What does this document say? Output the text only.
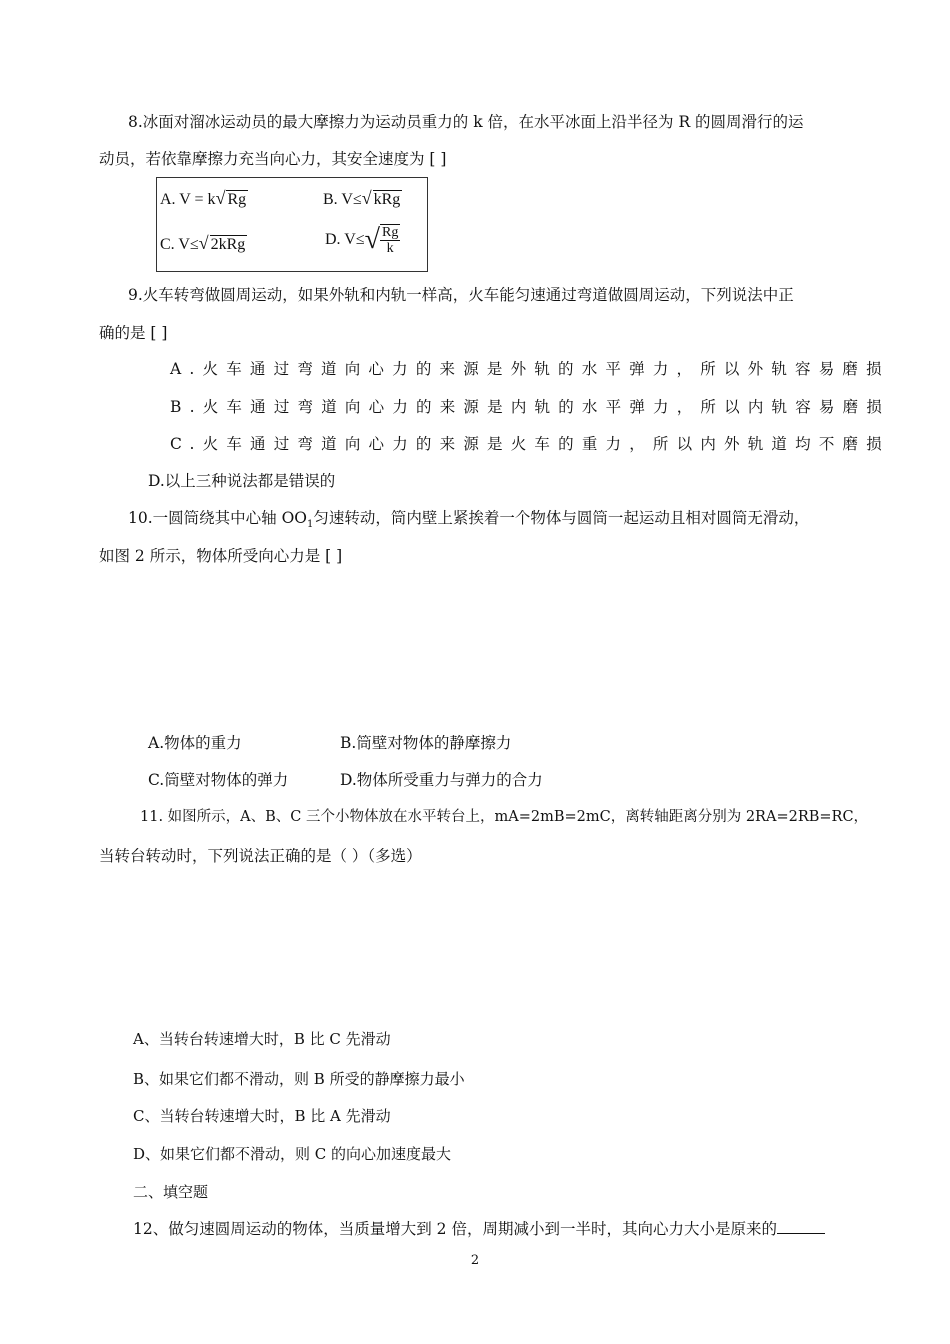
8.冰面对溜冰运动员的最大摩擦力为运动员重力的 k 倍，在水平冰面上沿半径为 R 的圆周滑行的运
动员，若依靠摩擦力充当向心力，其安全速度为 [ ]
A. V = k√ Rg	B. V≤√ kRg
C. V≤√ 2kRg	D. $V\le√ \frac{Rg}{k}$
9.火车转弯做圆周运动，如果外轨和内轨一样高，火车能匀速通过弯道做圆周运动，下列说法中正
确的是 [ ]
A.火车通过弯道向心力的来源是外轨的水平弹力，所以外轨容易磨损
B.火车通过弯道向心力的来源是内轨的水平弹力，所以内轨容易磨损
C.火车通过弯道向心力的来源是火车的重力，所以内外轨道均不磨损
D.以上三种说法都是错误的
10.一圆筒绕其中心轴 $OO_1$匀速转动，筒内壁上紧挨着一个物体与圆筒一起运动且相对圆筒无滑动，
如图 2 所示，物体所受向心力是 [ ]
A.物体的重力	B.筒壁对物体的静摩擦力
C.筒壁对物体的弹力	D.物体所受重力与弹力的合力
11. 如图所示，A、B、C 三个小物体放在水平转台上，mA=2mB=2mC，离转轴距离分别为 2RA=2RB=RC，
当转台转动时，下列说法正确的是（ ）（多选）
A、当转台转速增大时，B 比 C 先滑动
B、如果它们都不滑动，则 B 所受的静摩擦力最小
C、当转台转速增大时，B 比 A 先滑动
D、如果它们都不滑动，则 C 的向心加速度最大
二、填空题
12、做匀速圆周运动的物体，当质量增大到 2 倍，周期减小到一半时，其向心力大小是原来的
2
